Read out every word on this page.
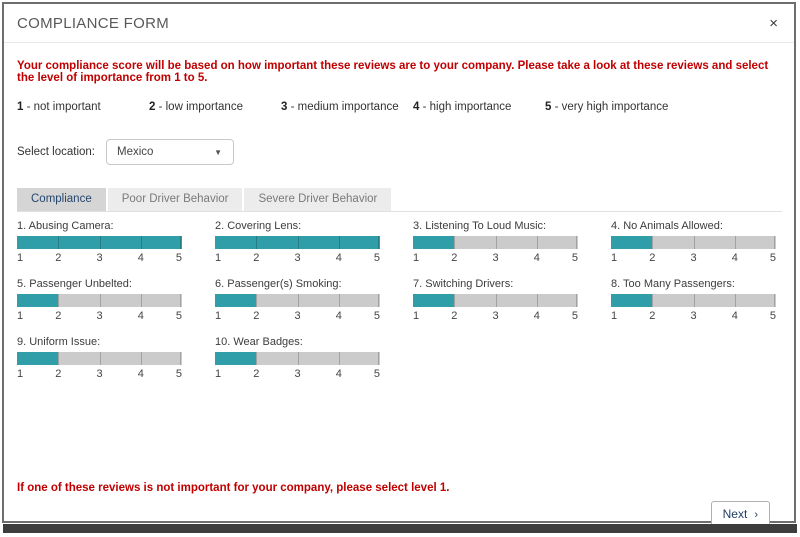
COMPLIANCE FORM	×
Your compliance score will be based on how important these reviews are to your company. Please take a look at these reviews and select the level of importance from 1 to 5.
1 - not important	2 - low importance	3 - medium importance	4 - high importance	5 - very high importance
Select location: Mexico	▼
Compliance	Poor Driver Behavior	Severe Driver Behavior
1. Abusing Camera:
1	2	3	4	5
2. Covering Lens:
1	2	3	4	5
3. Listening To Loud Music:
1	2	3	4	5
4. No Animals Allowed:
1	2	3	4	5
5. Passenger Unbelted:
1	2	3	4	5
6. Passenger(s) Smoking:
1	2	3	4	5
7. Switching Drivers:
1	2	3	4	5
8. Too Many Passengers:
1	2	3	4	5
9. Uniform Issue:
1	2	3	4	5
10. Wear Badges:
1	2	3	4	5
If one of these reviews is not important for your company, please select level 1.
Next ›
